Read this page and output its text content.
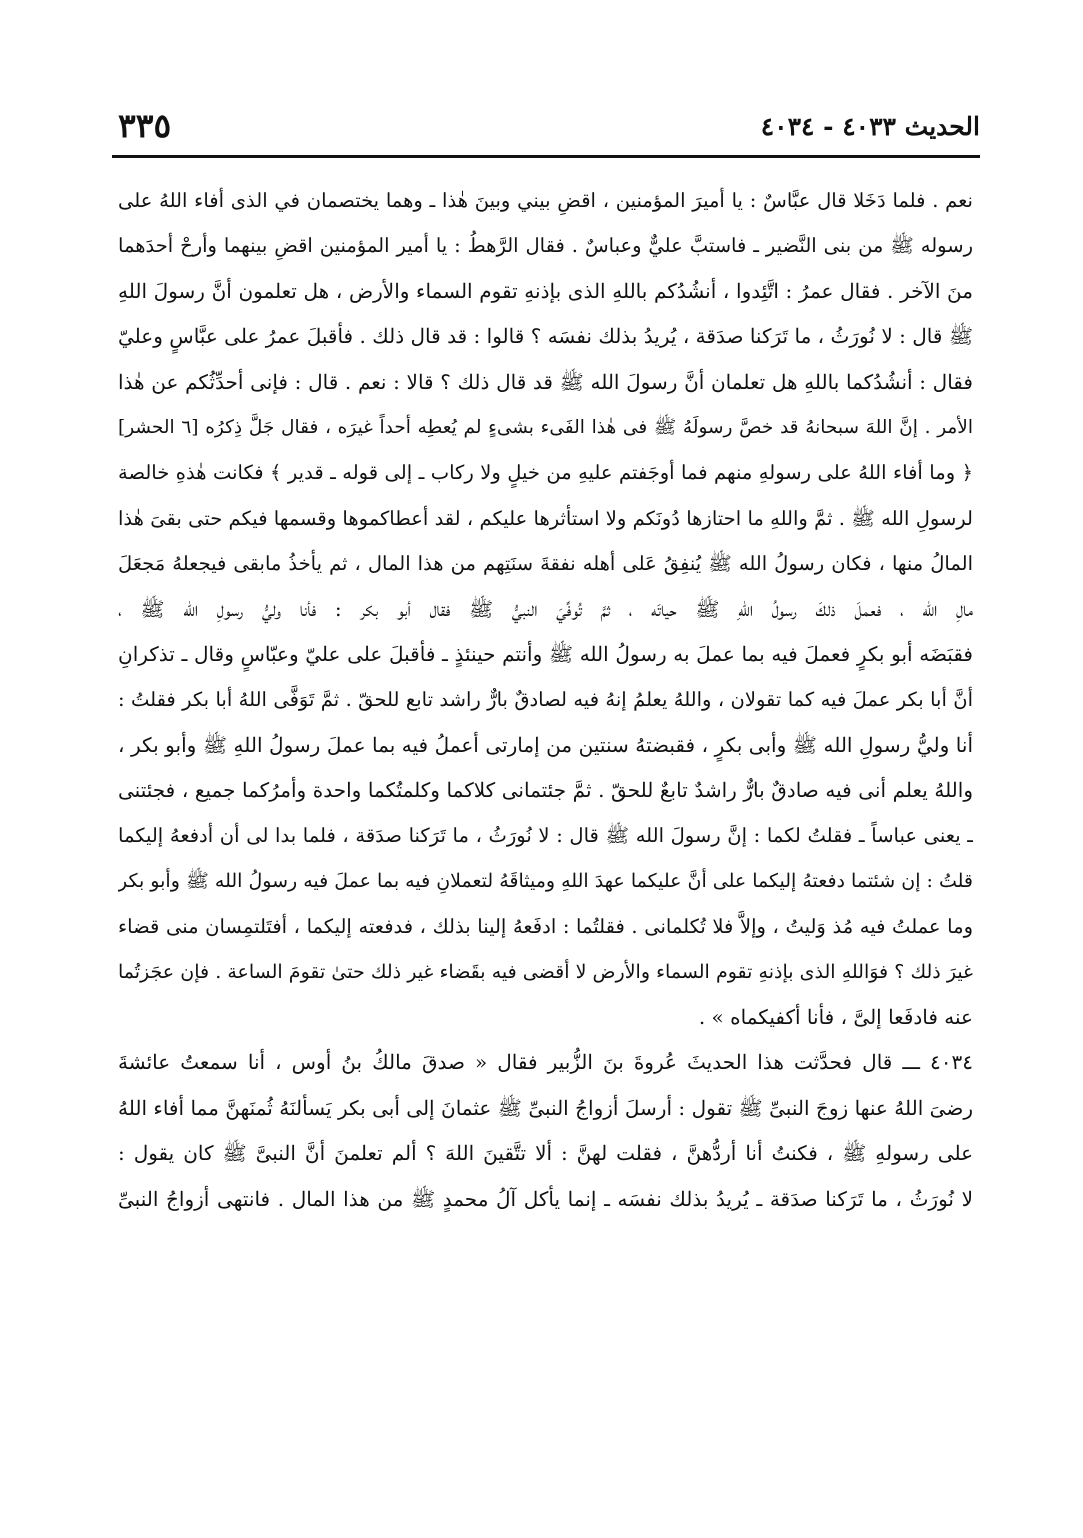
الحديث ٤٠٣٣ - ٤٠٣٤
٣٣٥
نعم . فلما دَخَلا قال عبَّاسٌ : يا أميرَ المؤمنين ، اقضِ بيني وبينَ هٰذا ـ وهما يختصمان في الذى أفاء اللهُ على
رسوله ﷺ من بنى النَّضير ـ فاستبَّ عليٌّ وعباسٌ . فقال الرَّهطُ : يا أمير المؤمنين اقضِ بينهما وأرحْ أحدَهما
منَ الآخر . فقال عمرُ : اتَّئِدوا ، أنشُدُكم باللهِ الذى بإذنهِ تقوم السماء والأرض ، هل تعلمون أنَّ رسولَ اللهِ
ﷺ قال : لا نُورَثُ ، ما تَرَكنا صدَقة ، يُريدُ بذلك نفسَه ؟ قالوا : قد قال ذلك . فأقبلَ عمرُ على عبَّاسٍ وعليّ
فقال : أنشُدُكما باللهِ هل تعلمان أنَّ رسولَ الله ﷺ قد قال ذلك ؟ قالا : نعم . قال : فإنى أحدِّثُكم عن هٰذا
الأمر . إنَّ اللهَ سبحانهُ قد خصَّ رسولَهُ ﷺ فى هٰذا الفَىء بشىءٍ لم يُعطِه أحداً غيرَه ، فقال جَلَّ ذِكرُه [٦ الحشر]
﴿ وما أفاء اللهُ على رسولهِ منهم فما أوجَفتم عليهِ من خيلٍ ولا ركاب ـ إلى قوله ـ قدير ﴾ فكانت هٰذهِ خالصة
لرسولِ الله ﷺ . ثمَّ واللهِ ما احتازها دُونَكم ولا استأثرها عليكم ، لقد أعطاكموها وقسمها فيكم حتى بقىَ هٰذا
المالُ منها ، فكان رسولُ الله ﷺ يُنفِقُ عَلى أهله نفقةَ سنَتِهم من هذا المال ، ثم يأخذُ مابقى فيجعلهُ مَجعَلَ
مالِ الله ، فعملَ ذلكَ رسولُ اللهِ ﷺ حياتَه ، ثمَّ تُوفِّيَ النبيُّ ﷺ فقال أبو بكر : فأنا وليُّ رسولِ الله ﷺ ،
فقبَضَه أبو بكرٍ فعملَ فيه بما عملَ به رسولُ الله ﷺ وأنتم حينئذٍ ـ فأقبلَ على عليّ وعبّاسٍ وقال ـ تذكرانِ
أنَّ أبا بكر عملَ فيه كما تقولان ، واللهُ يعلمُ إنهُ فيه لصادقٌ بارٌّ راشد تابع للحقّ . ثمَّ تَوَفَّى اللهُ أبا بكر فقلتُ :
أنا وليُّ رسولِ الله ﷺ وأبى بكرٍ ، فقبضتهُ سنتين من إمارتى أعملُ فيه بما عملَ رسولُ اللهِ ﷺ وأبو بكر ،
واللهُ يعلم أنى فيه صادقٌ بارٌّ راشدٌ تابعٌ للحقّ . ثمَّ جئتمانى كلاكما وكلمتُكما واحدة وأمرُكما جميع ، فجئتنى
ـ يعنى عباساً ـ فقلتُ لكما : إنَّ رسولَ الله ﷺ قال : لا نُورَثُ ، ما تَرَكنا صدَقة ، فلما بدا لى أن أدفعهُ إليكما
قلتُ : إن شئتما دفعتهُ إليكما على أنَّ عليكما عهدَ اللهِ وميثاقَهُ لتعملانِ فيه بما عملَ فيه رسولُ الله ﷺ وأبو بكر
وما عملتُ فيه مُذ وَليتُ ، وإلاَّ فلا تُكلمانى . فقلتُما : ادفَعهُ إلينا بذلك ، فدفعته إليكما ، أفتَلتمِسان منى قضاء
غيرَ ذلك ؟ فوَاللهِ الذى بإذنهِ تقوم السماء والأرض لا أقضى فيه بقَضاء غير ذلك حتىٰ تقومَ الساعة . فإن عجَزتُما
عنه فادفَعا إلىَّ ، فأنا أكفيكماه » .
٤٠٣٤ ـــ قال فحدَّثت هذا الحديثَ عُروةَ بنَ الزُّبير فقال « صدقَ مالكُ بنُ أوس ، أنا سمعتُ عائشةَ
رضىَ اللهُ عنها زوجَ النبىِّ ﷺ تقول : أرسلَ أزواجُ النبىِّ ﷺ عثمانَ إلى أبى بكر يَسألنَهُ ثُمنَهنَّ مما أفاء اللهُ
على رسولهِ ﷺ ، فكنتُ أنا أردُّهنَّ ، فقلت لهنَّ : ألا تتَّقينَ اللهَ ؟ ألم تعلمنَ أنَّ النبىَّ ﷺ كان يقول :
لا نُورَثُ ، ما تَرَكنا صدَقة ـ يُريدُ بذلك نفسَه ـ إنما يأكل آلُ محمدٍ ﷺ من هذا المال . فانتهى أزواجُ النبىِّ
